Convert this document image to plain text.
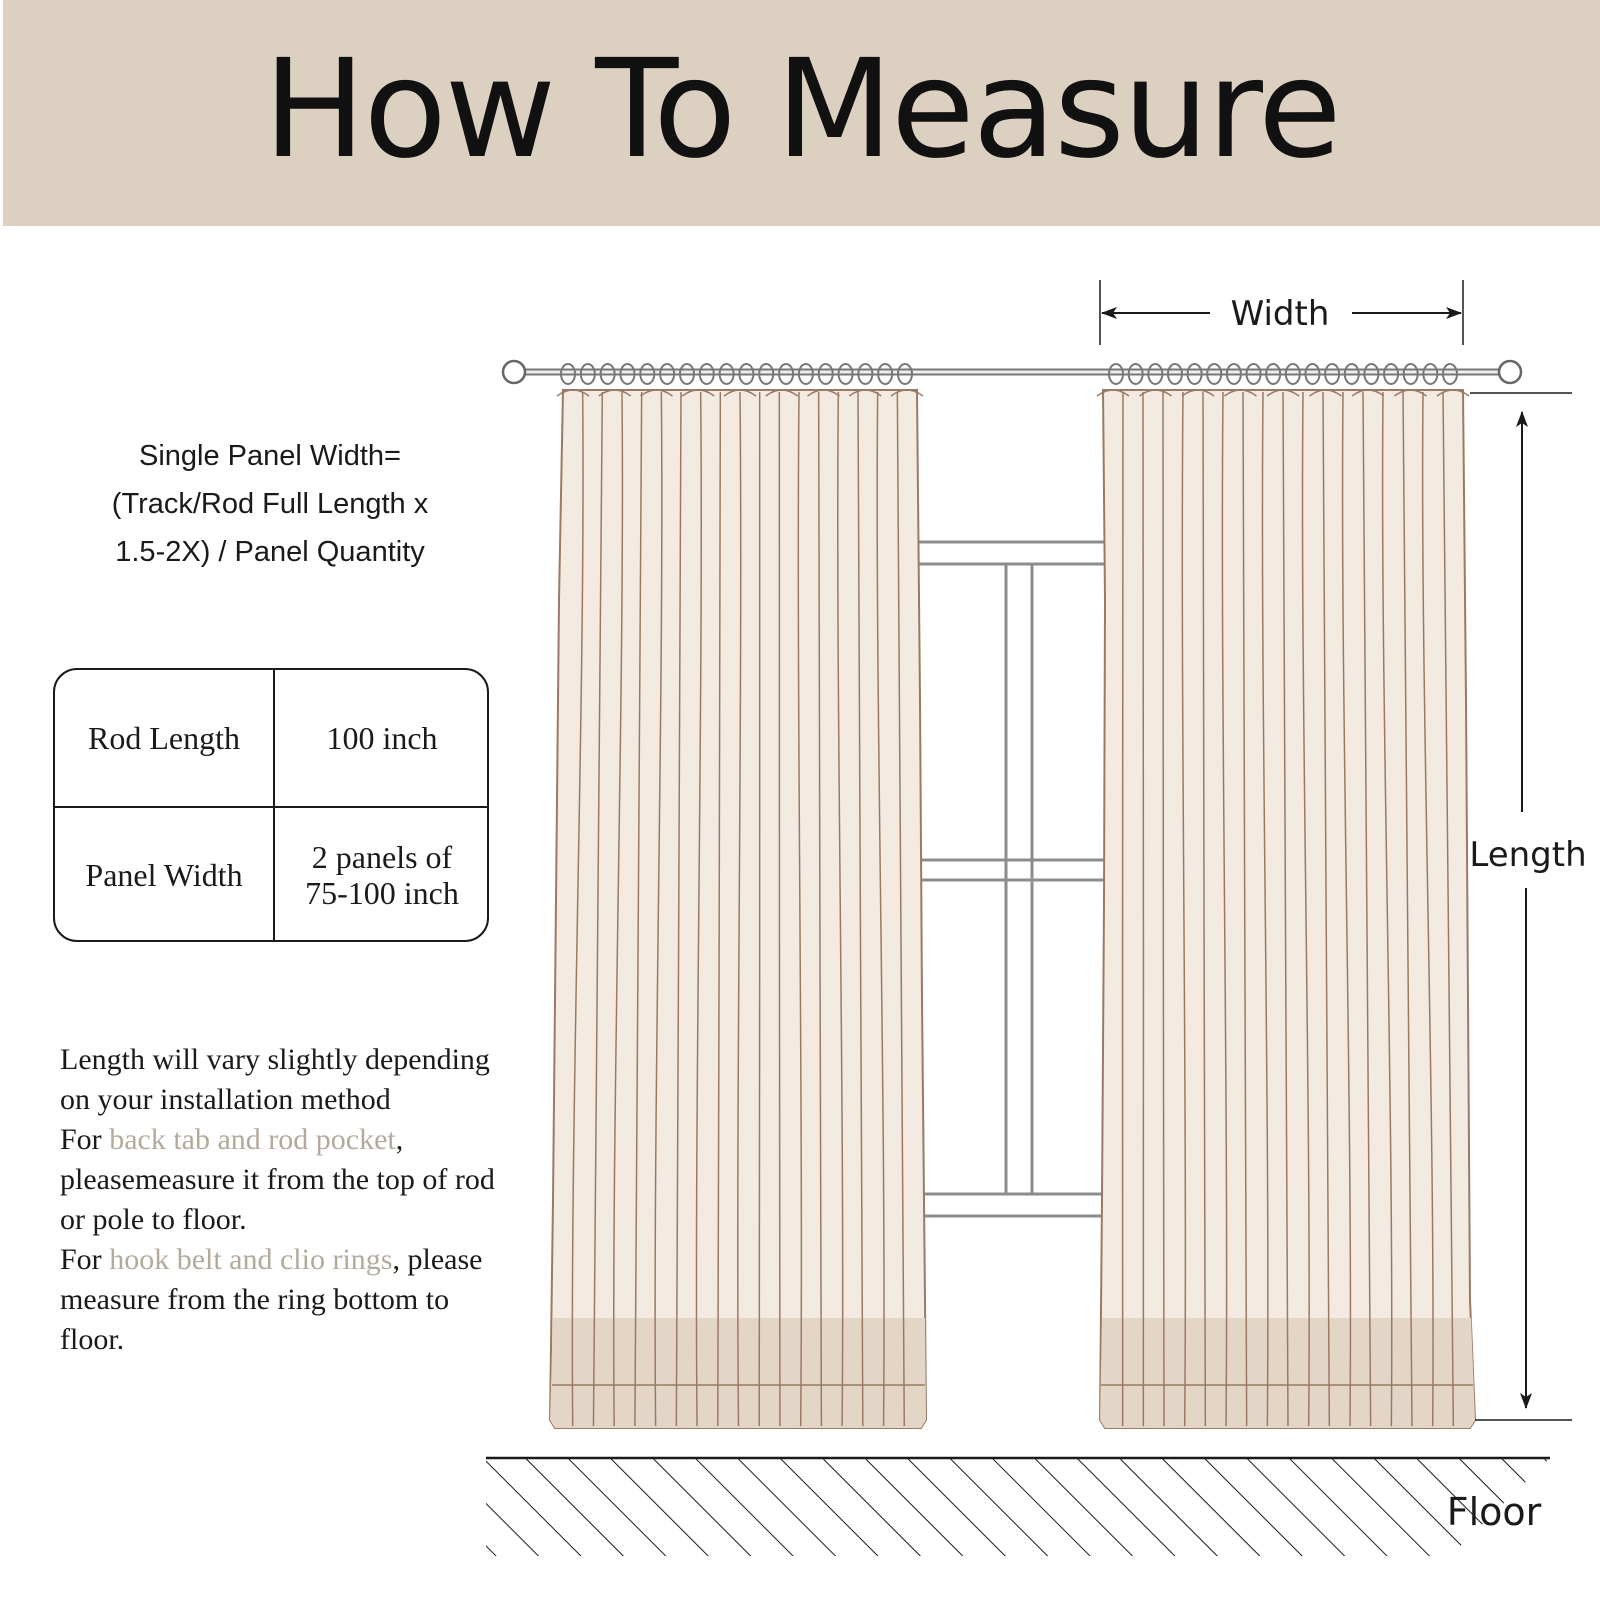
How To Measure
Single Panel Width=
(Track/Rod Full Length x
1.5-2X) / Panel Quantity
Rod Length	100 inch
Panel Width 2 panels of
75-100 inch

Length will vary slightly depending on your installation method

For back tab and rod pocket, pleasemeasure it from the top of rod or pole to floor.

For hook belt and clio rings, please measure from the ring bottom to floor.

Width
Length
Floor
